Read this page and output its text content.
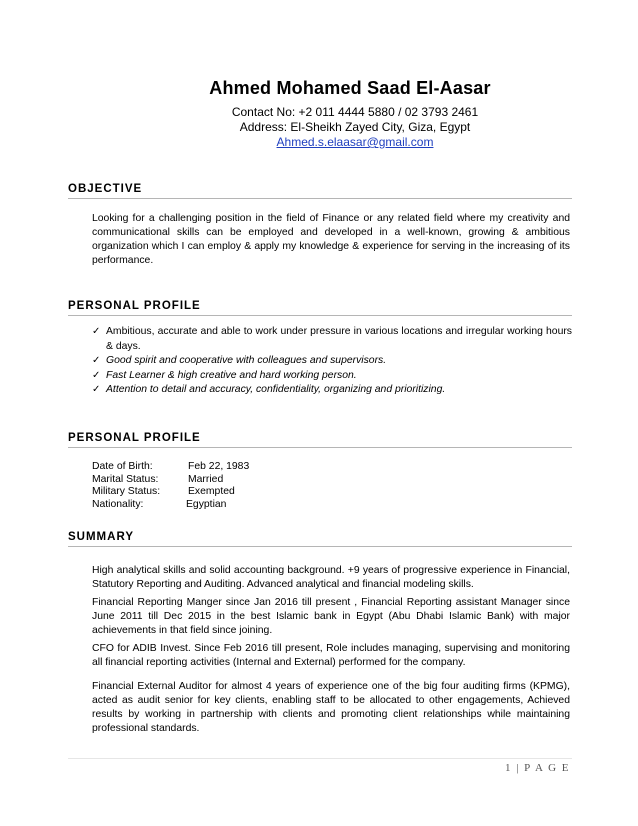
Ahmed Mohamed Saad El-Aasar
Contact No: +2 011 4444 5880 / 02 3793 2461
Address: El-Sheikh Zayed City, Giza, Egypt
Ahmed.s.elaasar@gmail.com
OBJECTIVE
Looking for a challenging position in the field of Finance or any related field where my creativity and communicational skills can be employed and developed in a well-known, growing & ambitious organization which I can employ & apply my knowledge & experience for serving in the increasing of its performance.
PERSONAL PROFILE
✓ Ambitious, accurate and able to work under pressure in various locations and irregular working hours & days.
✓ Good spirit and cooperative with colleagues and supervisors.
✓ Fast Learner & high creative and hard working person.
✓ Attention to detail and accuracy, confidentiality, organizing and prioritizing.
PERSONAL PROFILE
Date of Birth:	Feb 22, 1983
Marital Status:	Married
Military Status:	Exempted
Nationality:	Egyptian
SUMMARY
High analytical skills and solid accounting background. +9 years of progressive experience in Financial, Statutory Reporting and Auditing. Advanced analytical and financial modeling skills.
Financial Reporting Manger since Jan 2016 till present , Financial Reporting assistant Manager since June 2011 till Dec 2015 in the best Islamic bank in Egypt (Abu Dhabi Islamic Bank) with major achievements in that field since joining.
CFO for ADIB Invest. Since Feb 2016 till present, Role includes managing, supervising and monitoring all financial reporting activities (Internal and External) performed for the company.
Financial External Auditor for almost 4 years of experience one of the big four auditing firms (KPMG), acted as audit senior for key clients, enabling staff to be allocated to other engagements, Achieved results by working in partnership with clients and promoting client relationships while maintaining professional standards.
1 | P A G E
